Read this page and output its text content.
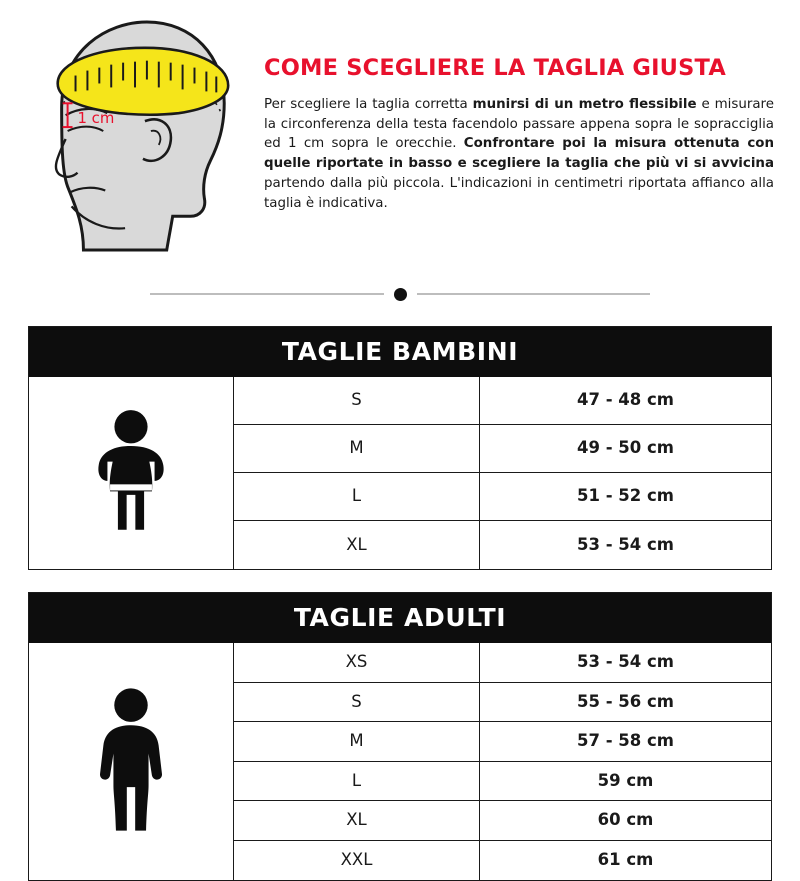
1 cm
COME SCEGLIERE LA TAGLIA GIUSTA

Per scegliere la taglia corretta munirsi di un metro flessibile e misurare la circonferenza della testa facendolo passare appena sopra le sopracciglia ed 1 cm sopra le orecchie. Confrontare poi la misura ottenuta con quelle riportate in basso e scegliere la taglia che più vi si avvicina partendo dalla più piccola. L'indicazioni in centimetri riportata affianco alla taglia è indicativa.

TAGLIE BAMBINI
S	47 - 48 cm
M	49 - 50 cm
L	51 - 52 cm
XL	53 - 54 cm
TAGLIE ADULTI
XS	53 - 54 cm
S	55 - 56 cm
M	57 - 58 cm
L	59 cm
XL	60 cm
XXL	61 cm
